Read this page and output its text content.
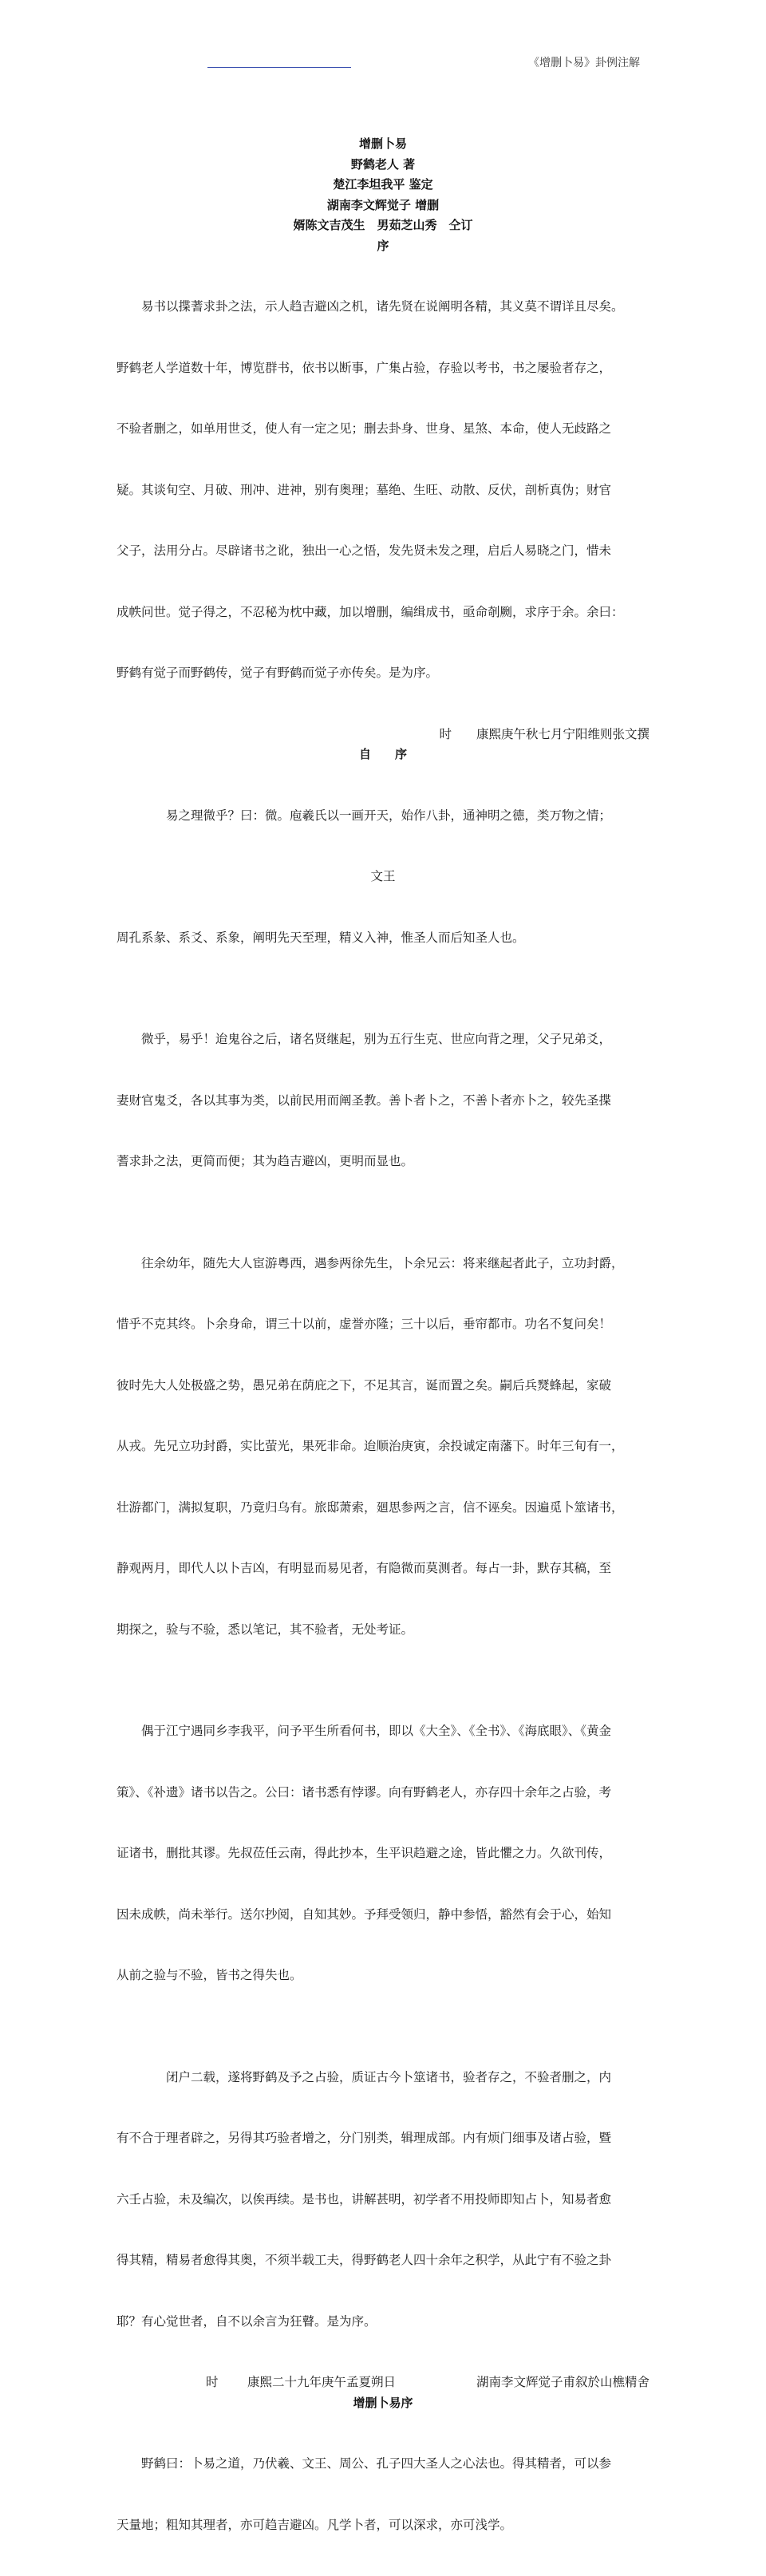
《增删卜易》卦例注解
增删卜易
野鹤老人 著
楚江李坦我平 鉴定
湖南李文辉觉子 增删
婿陈文吉茂生　男茹芝山秀　仝订
序

易书以揲蓍求卦之法，示人趋吉避凶之机，诸先贤在说阐明各精，其义莫不谓详且尽矣。

野鹤老人学道数十年，博览群书，依书以断事，广集占验，存验以考书，书之屡验者存之，

不验者删之，如单用世爻，使人有一定之见；删去卦身、世身、星煞、本命，使人无歧路之

疑。其谈旬空、月破、刑冲、进神，别有奥理；墓绝、生旺、动散、反伏，剖析真伪；财官

父子，法用分占。尽辟诸书之讹，独出一心之悟，发先贤未发之理，启后人易晓之门，惜未

成帙问世。觉子得之，不忍秘为枕中藏，加以增删，编缉成书，亟命剞劂，求序于余。余曰：

野鹤有觉子而野鹤传，觉子有野鹤而觉子亦传矣。是为序。

时　　康熙庚午秋七月宁阳维则张文撰
自　　序

易之理微乎？曰：微。庖羲氏以一画开天，始作八卦，通神明之德，类万物之情；

文王

周孔系彖、系爻、系象，阐明先天至理，精义入神，惟圣人而后知圣人也。

微乎，易乎！迨鬼谷之后，诸名贤继起，别为五行生克、世应向背之理，父子兄弟爻，

妻财官鬼爻，各以其事为类，以前民用而阐圣教。善卜者卜之，不善卜者亦卜之，较先圣揲

蓍求卦之法，更简而便；其为趋吉避凶，更明而显也。

往余幼年，随先大人宦游粤西，遇参两徐先生，卜余兄云：将来继起者此子，立功封爵，

惜乎不克其终。卜余身命，谓三十以前，虚誉亦隆；三十以后，垂帘都市。功名不复问矣！

彼时先大人处极盛之势，愚兄弟在荫庇之下，不足其言，诞而置之矣。嗣后兵燹蜂起，家破

从戎。先兄立功封爵，实比萤光，果死非命。迨顺治庚寅，余投诚定南藩下。时年三旬有一，

壮游都门，满拟复职，乃竟归乌有。旅邸萧索，廻思参两之言，信不诬矣。因遍觅卜筮诸书，

静观两月，即代人以卜吉凶，有明显而易见者，有隐微而莫测者。每占一卦，默存其稿，至

期探之，验与不验，悉以笔记，其不验者，无处考证。

偶于江宁遇同乡李我平，问予平生所看何书，即以《大全》、《全书》、《海底眼》、《黄金

策》、《补遗》诸书以告之。公曰：诸书悉有悖谬。向有野鹤老人，亦存四十余年之占验，考

证诸书，删批其谬。先叔莅任云南，得此抄本，生平识趋避之途，皆此懼之力。久欲刊传，

因未成帙，尚未举行。送尔抄阅，自知其妙。予拜受领归，静中参悟，豁然有会于心，始知

从前之验与不验，皆书之得失也。

闭户二载，遂将野鹤及予之占验，质证古今卜筮诸书，验者存之，不验者删之，内

有不合于理者辟之，另得其巧验者增之，分门别类，辑理成部。内有烦门细事及诸占验，暨

六壬占验，未及编次，以俟再续。是书也，讲解甚明，初学者不用投师即知占卜，知易者愈

得其精，精易者愈得其奥，不须半载工夫，得野鹤老人四十余年之积学，从此宁有不验之卦

耶？有心觉世者，自不以余言为狂瞽。是为序。

时

康熙二十九年庚午孟夏朔日

	湖南李文辉觉子甫叙於山樵精舍

增删卜易序

野鹤曰：卜易之道，乃伏羲、文王、周公、孔子四大圣人之心法也。得其精者，可以参

天量地；粗知其理者，亦可趋吉避凶。凡学卜者，可以深求，亦可浅学。
